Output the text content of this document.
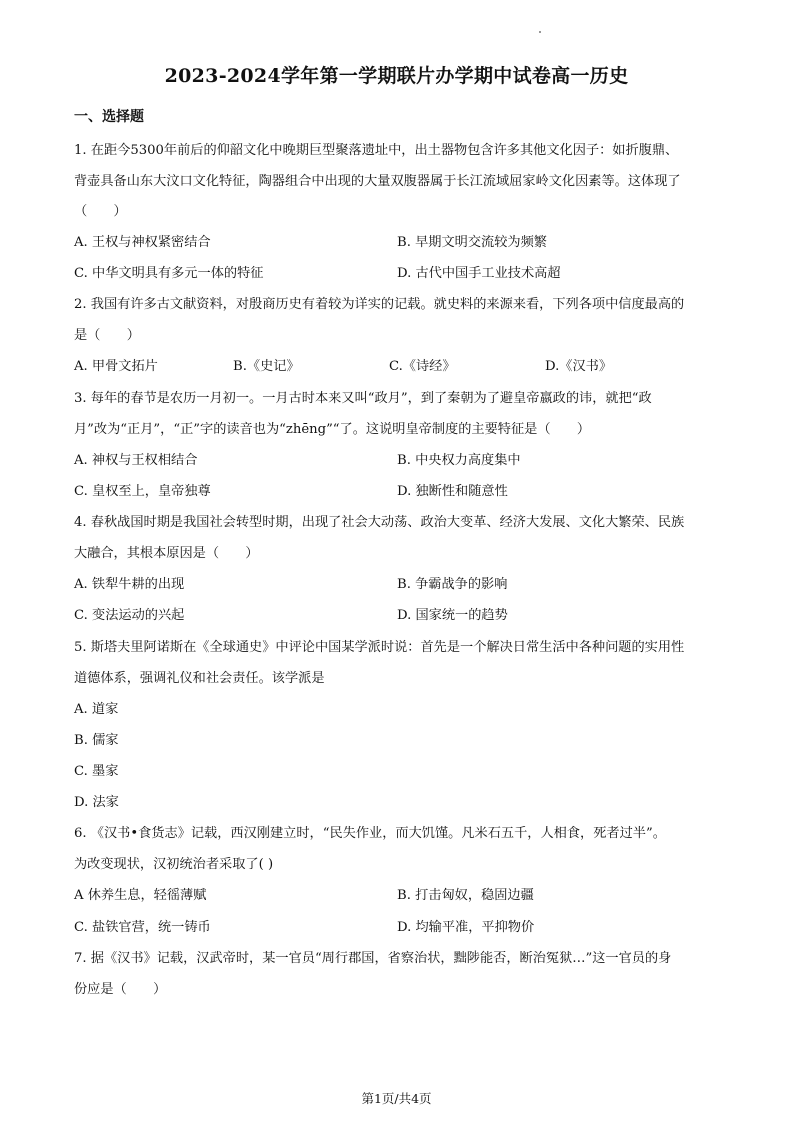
2023-2024学年第一学期联片办学期中试卷高一历史
一、选择题
1. 在距今5300年前后的仰韶文化中晚期巨型聚落遗址中，出土器物包含许多其他文化因子：如折腹鼎、
背壶具备山东大汶口文化特征，陶器组合中出现的大量双腹器属于长江流域屈家岭文化因素等。这体现了
（　　）
A. 王权与神权紧密结合	B. 早期文明交流较为频繁
C. 中华文明具有多元一体的特征	D. 古代中国手工业技术高超
2. 我国有许多古文献资料，对殷商历史有着较为详实的记载。就史料的来源来看，下列各项中信度最高的
是（　　）
A. 甲骨文拓片	B.《史记》	C.《诗经》	D.《汉书》
3. 每年的春节是农历一月初一。一月古时本来又叫“政月”，到了秦朝为了避皇帝嬴政的讳，就把“政
月”改为“正月”，“正”字的读音也为“zhēng”“了。这说明皇帝制度的主要特征是（　　）
A. 神权与王权相结合	B. 中央权力高度集中
C. 皇权至上，皇帝独尊	D. 独断性和随意性
4. 春秋战国时期是我国社会转型时期，出现了社会大动荡、政治大变革、经济大发展、文化大繁荣、民族
大融合，其根本原因是（　　）
A. 铁犁牛耕的出现	B. 争霸战争的影响
C. 变法运动的兴起	D. 国家统一的趋势
5. 斯塔夫里阿诺斯在《全球通史》中评论中国某学派时说：首先是一个解决日常生活中各种问题的实用性
道德体系，强调礼仪和社会责任。该学派是
A. 道家
B. 儒家
C. 墨家
D. 法家
6. 《汉书•食货志》记载，西汉刚建立时，“民失作业，而大饥馑。凡米石五千，人相食，死者过半”。
为改变现状，汉初统治者采取了( )
A 休养生息，轻徭薄赋	B. 打击匈奴，稳固边疆
C. 盐铁官营，统一铸币	D. 均输平准，平抑物价
7. 据《汉书》记载，汉武帝时，某一官员“周行郡国，省察治状，黜陟能否，断治冤狱…”这一官员的身
份应是（　　）
第1页/共4页
